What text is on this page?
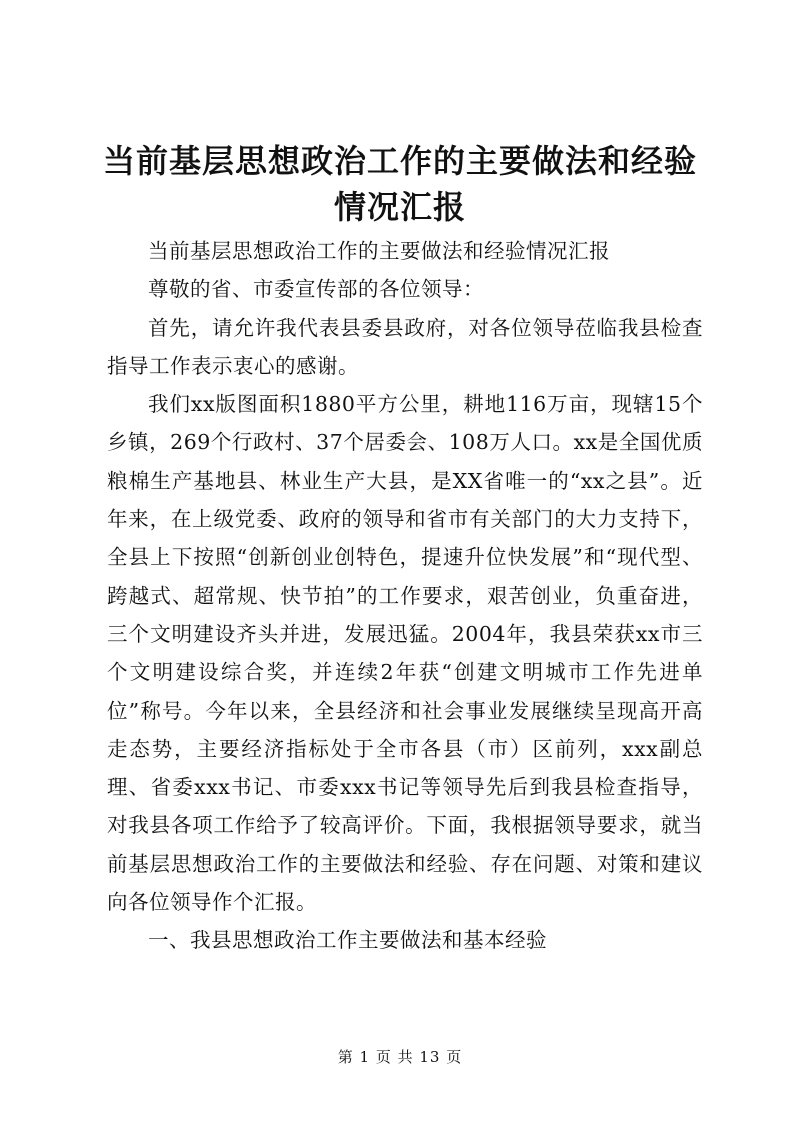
当前基层思想政治工作的主要做法和经验情况汇报

当前基层思想政治工作的主要做法和经验情况汇报

尊敬的省、市委宣传部的各位领导：

首先，请允许我代表县委县政府，对各位领导莅临我县检查指导工作表示衷心的感谢。

我们xx版图面积1880平方公里，耕地116万亩，现辖15个乡镇，269个行政村、37个居委会、108万人口。xx是全国优质粮棉生产基地县、林业生产大县，是XX省唯一的“xx之县”。近年来，在上级党委、政府的领导和省市有关部门的大力支持下，全县上下按照“创新创业创特色，提速升位快发展”和“现代型、跨越式、超常规、快节拍”的工作要求，艰苦创业，负重奋进，三个文明建设齐头并进，发展迅猛。2004年，我县荣获xx市三个文明建设综合奖，并连续2年获“创建文明城市工作先进单位”称号。今年以来，全县经济和社会事业发展继续呈现高开高走态势，主要经济指标处于全市各县（市）区前列，xxx副总理、省委xxx书记、市委xxx书记等领导先后到我县检查指导，对我县各项工作给予了较高评价。下面，我根据领导要求，就当前基层思想政治工作的主要做法和经验、存在问题、对策和建议向各位领导作个汇报。

一、我县思想政治工作主要做法和基本经验

第 1 页 共 13 页
